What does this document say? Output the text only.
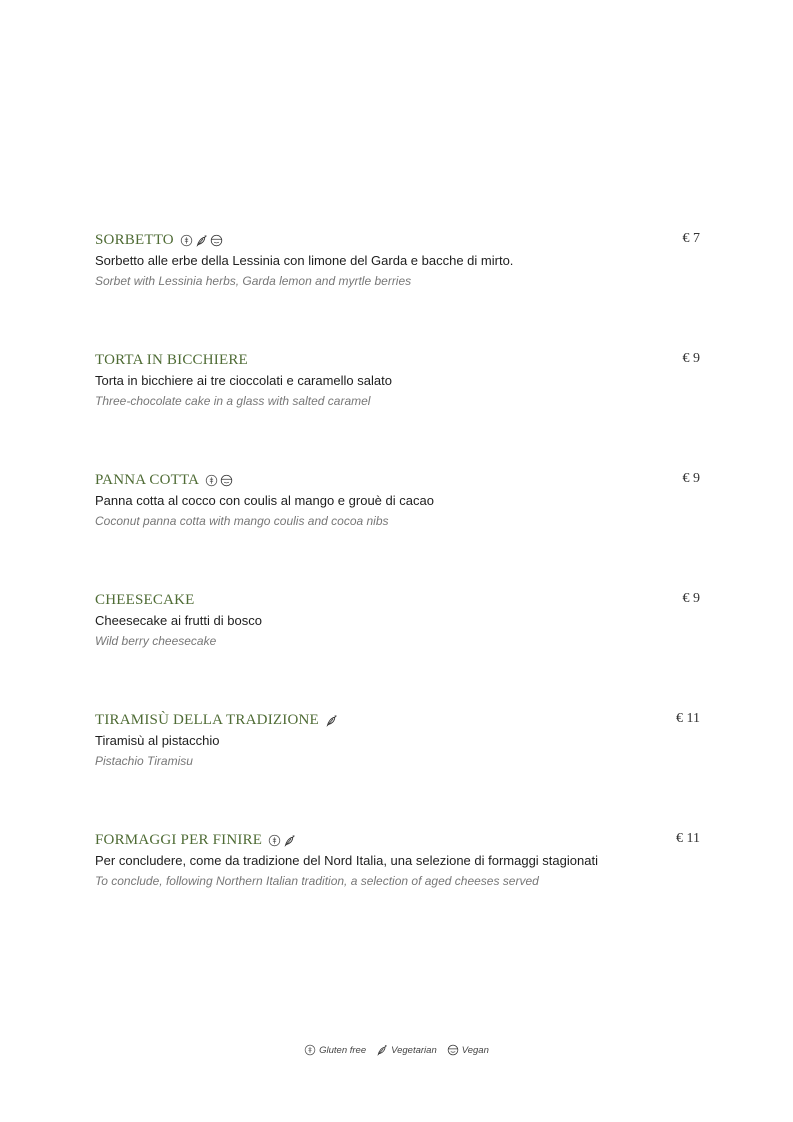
SORBETTO	€ 7
Sorbetto alle erbe della Lessinia con limone del Garda e bacche di mirto.
Sorbet with Lessinia herbs, Garda lemon and myrtle berries
TORTA IN BICCHIERE	€ 9
Torta in bicchiere ai tre cioccolati e caramello salato
Three-chocolate cake in a glass with salted caramel
PANNA COTTA	€ 9
Panna cotta al cocco con coulis al mango e grouè di cacao
Coconut panna cotta with mango coulis and cocoa nibs
CHEESECAKE	€ 9
Cheesecake ai frutti di bosco
Wild berry cheesecake
TIRAMISÙ DELLA TRADIZIONE	€ 11
Tiramisù al pistacchio
Pistachio Tiramisu
FORMAGGI PER FINIRE	€ 11
Per concludere, come da tradizione del Nord Italia, una selezione di formaggi stagionati
To conclude, following Northern Italian tradition, a selection of aged cheeses served
Gluten free	Vegetarian	Vegan
